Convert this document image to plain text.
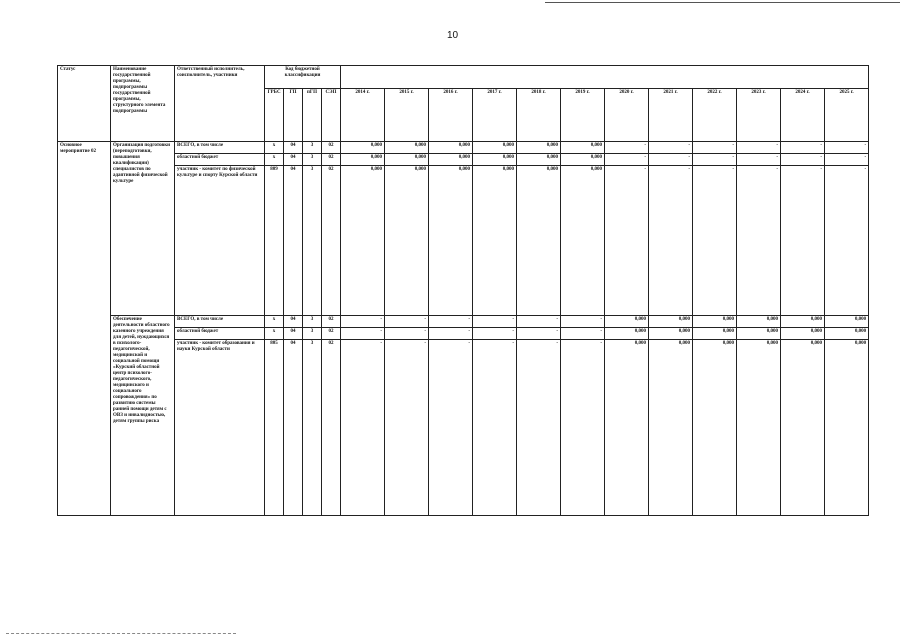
10
Статус	Наименование государственной программы, подпрограммы государственной программы, структурного элемента подпрограммы	Ответственный исполнитель, соисполнитель, участники	Код бюджетной классификации															
			ГРБС	ГП	пГП	СЭП	2014 г.	2015 г.	2016 г.	2017 г.	2018 г.	2019 г.	2020 г.	2021 г.	2022 г.	2023 г.	2024 г.	2025 г.
Основное мероприятие 02	Организация подготовки (переподготовки, повышения квалификации) специалистов по адаптивной физической культуре	ВСЕГО, в том числе	х	04	3	02	0,000	0,000	0,000	0,000	0,000	0,000	-	-	-	-	-	-
		областной бюджет	х	04	3	02	0,000	0,000	0,000	0,000	0,000	0,000	-	-	-	-	-	-
		участник - комитет по физической культуре и спорту Курской области	809	04	3	02	0,000	0,000	0,000	0,000	0,000	0,000	-	-	-	-	-	-
	Обеспечение деятельности областного казенного учреждения для детей, нуждающихся в психолого-педагогической, медицинской и социальной помощи «Курский областной центр психолого-педагогического, медицинского и социального сопровождения» по развитию системы ранней помощи детям с ОВЗ и инвалидностью, детям группы риска	ВСЕГО, в том числе	х	04	3	02	-	-	-	-	-	-	0,000	0,000	0,000	0,000	0,000	0,000
		областной бюджет	х	04	3	02	-	-	-	-	-	-	0,000	0,000	0,000	0,000	0,000	0,000
		участник - комитет образования и науки Курской области	805	04	3	02	-	-	-	-	-	-	0,000	0,000	0,000	0,000	0,000	0,000
